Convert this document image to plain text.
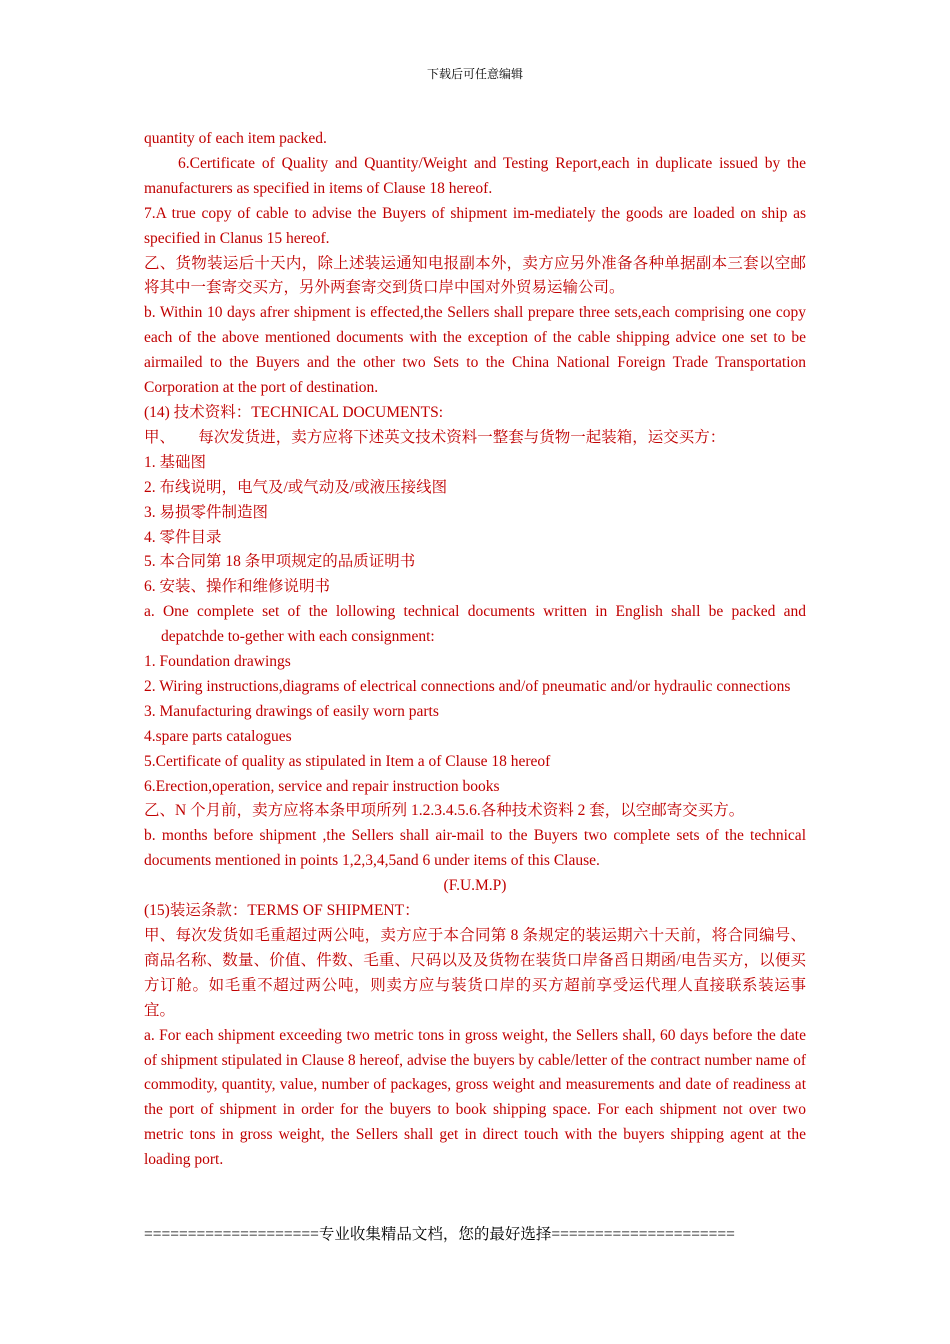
下载后可任意编辑

quantity of each item packed.

6.Certificate of Quality and Quantity/Weight and Testing Report,each in duplicate issued by the manufacturers as specified in items of Clause 18 hereof.

7.A true copy of cable to advise the Buyers of shipment im-mediately the goods are loaded on ship as specified in Clanus 15 hereof.

乙、货物装运后十天内，除上述装运通知电报副本外，卖方应另外准备各种单据副本三套以空邮将其中一套寄交买方，另外两套寄交到货口岸中国对外贸易运输公司。

b. Within 10 days afrer shipment is effected,the Sellers shall prepare three sets,each comprising one copy each of the above mentioned documents with the exception of the cable shipping advice one set to be airmailed to the Buyers and the other two Sets to the China National Foreign Trade Transportation Corporation at the port of destination.

(14) 技术资料：TECHNICAL DOCUMENTS:

甲、　　每次发货进，卖方应将下述英文技术资料一整套与货物一起装箱，运交买方：

1. 基础图

2. 布线说明，电气及/或气动及/或液压接线图

3. 易损零件制造图

4. 零件目录

5. 本合同第 18 条甲项规定的品质证明书

6. 安装、操作和维修说明书

a. One complete set of the lollowing technical documents written in English shall be packed and depatchde to-gether with each consignment:

1. Foundation drawings

2. Wiring instructions,diagrams of electrical connections and/of pneumatic and/or hydraulic connections

3. Manufacturing drawings of easily worn parts

4.spare parts catalogues

5.Certificate of quality as stipulated in Item a of Clause 18 hereof

6.Erection,operation, service and repair instruction books

乙、N 个月前，卖方应将本条甲项所列 1.2.3.4.5.6.各种技术资料 2 套，以空邮寄交买方。

b. months before shipment ,the Sellers shall air-mail to the Buyers two complete sets of the technical documents mentioned in points 1,2,3,4,5and 6 under items of this Clause.

(F.U.M.P)

(15)装运条款：TERMS OF SHIPMENT：

甲、每次发货如毛重超过两公吨，卖方应于本合同第 8 条规定的装运期六十天前，将合同编号、商品名称、数量、价值、件数、毛重、尺码以及及货物在装货口岸备舀日期函/电告买方，以便买方订舱。如毛重不超过两公吨，则卖方应与装货口岸的买方超前享受运代理人直接联系装运事宜。

a. For each shipment exceeding two metric tons in gross weight, the Sellers shall, 60 days before the date of shipment stipulated in Clause 8 hereof, advise the buyers by cable/letter of the contract number name of commodity, quantity, value, number of packages, gross weight and measurements and date of readiness at the port of shipment in order for the buyers to book shipping space. For each shipment not over two metric tons in gross weight, the Sellers shall get in direct touch with the buyers shipping agent at the loading port.

====================专业收集精品文档，您的最好选择=====================
